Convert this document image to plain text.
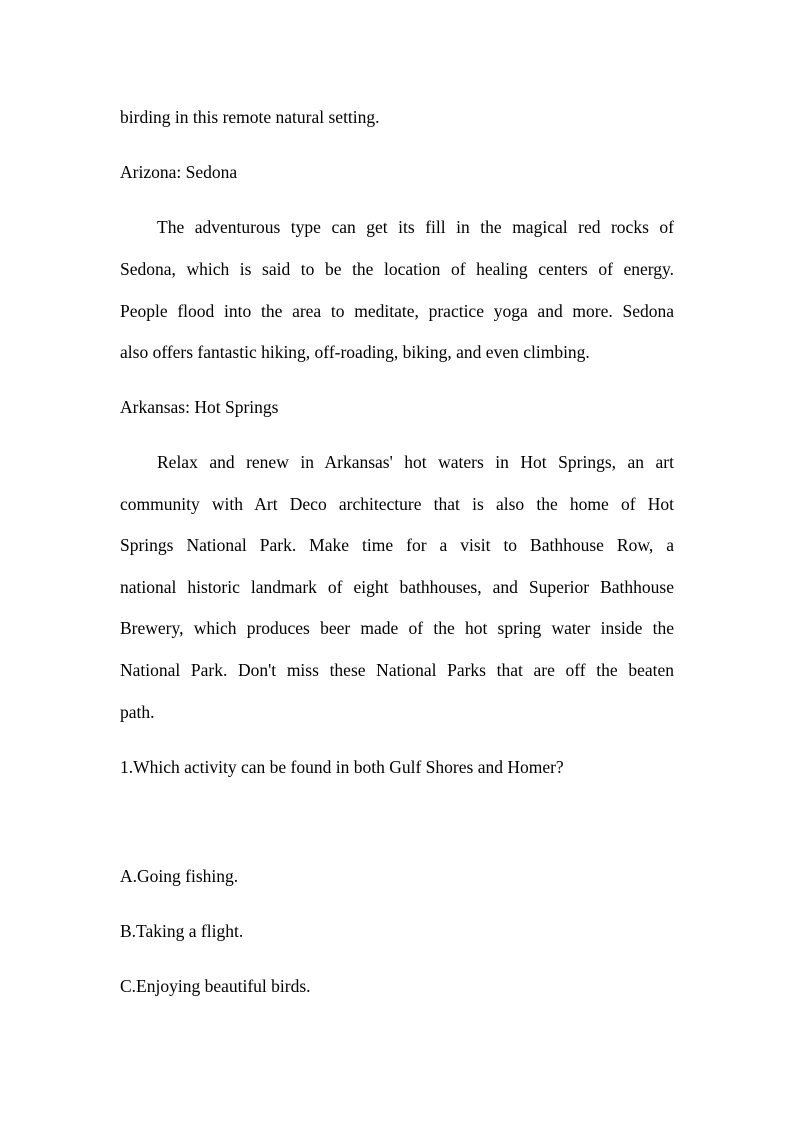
birding in this remote natural setting.
Arizona: Sedona
The adventurous type can get its fill in the magical red rocks of
Sedona, which is said to be the location of healing centers of energy.
People flood into the area to meditate, practice yoga and more. Sedona
also offers fantastic hiking, off-roading, biking, and even climbing.
Arkansas: Hot Springs
Relax and renew in Arkansas' hot waters in Hot Springs, an art
community with Art Deco architecture that is also the home of Hot
Springs National Park. Make time for a visit to Bathhouse Row, a
national historic landmark of eight bathhouses, and Superior Bathhouse
Brewery, which produces beer made of the hot spring water inside the
National Park. Don't miss these National Parks that are off the beaten
path.
1.Which activity can be found in both Gulf Shores and Homer?
A.Going fishing.
B.Taking a flight.
C.Enjoying beautiful birds.
